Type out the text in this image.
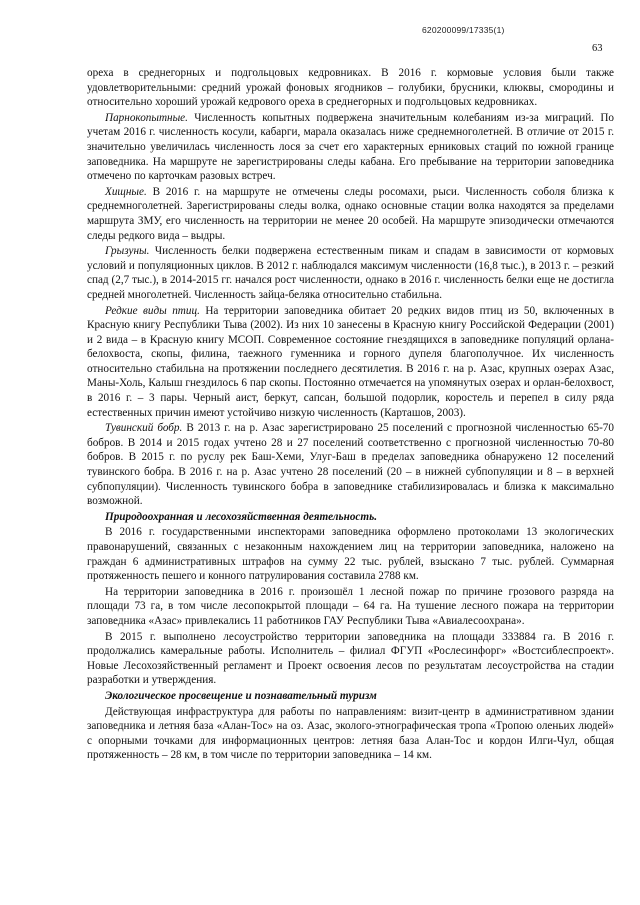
620200099/17335(1)
63

ореха в среднегорных и подгольцовых кедровниках. В 2016 г. кормовые условия были также удовлетворительными: средний урожай фоновых ягодников – голубики, брусники, клюквы, смородины и относительно хороший урожай кедрового ореха в среднегорных и подгольцовых кедровниках.

Парнокопытные. Численность копытных подвержена значительным колебаниям из-за миграций. По учетам 2016 г. численность косули, кабарги, марала оказалась ниже среднемноголетней. В отличие от 2015 г. значительно увеличилась численность лося за счет его характерных ерниковых стаций по южной границе заповедника. На маршруте не зарегистрированы следы кабана. Его пребывание на территории заповедника отмечено по карточкам разовых встреч.

Хищные. В 2016 г. на маршруте не отмечены следы росомахи, рыси. Численность соболя близка к среднемноголетней. Зарегистрированы следы волка, однако основные стации волка находятся за пределами маршрута ЗМУ, его численность на территории не менее 20 особей. На маршруте эпизодически отмечаются следы редкого вида – выдры.

Грызуны. Численность белки подвержена естественным пикам и спадам в зависимости от кормовых условий и популяционных циклов. В 2012 г. наблюдался максимум численности (16,8 тыс.), в 2013 г. – резкий спад (2,7 тыс.), в 2014-2015 гг. начался рост численности, однако в 2016 г. численность белки еще не достигла средней многолетней. Численность зайца-беляка относительно стабильна.

Редкие виды птиц. На территории заповедника обитает 20 редких видов птиц из 50, включенных в Красную книгу Республики Тыва (2002). Из них 10 занесены в Красную книгу Российской Федерации (2001) и 2 вида – в Красную книгу МСОП. Современное состояние гнездящихся в заповеднике популяций орлана-белохвоста, скопы, филина, таежного гуменника и горного дупеля благополучное. Их численность относительно стабильна на протяжении последнего десятилетия. В 2016 г. на р. Азас, крупных озерах Азас, Маны-Холь, Калыш гнездилось 6 пар скопы. Постоянно отмечается на упомянутых озерах и орлан-белохвост, в 2016 г. – 3 пары. Черный аист, беркут, сапсан, большой подорлик, коростель и перепел в силу ряда естественных причин имеют устойчиво низкую численность (Карташов, 2003).

Тувинский бобр. В 2013 г. на р. Азас зарегистрировано 25 поселений с прогнозной численностью 65-70 бобров. В 2014 и 2015 годах учтено 28 и 27 поселений соответственно с прогнозной численностью 70-80 бобров. В 2015 г. по руслу рек Баш-Хеми, Улуг-Баш в пределах заповедника обнаружено 12 поселений тувинского бобра. В 2016 г. на р. Азас учтено 28 поселений (20 – в нижней субпопуляции и 8 – в верхней субпопуляции). Численность тувинского бобра в заповеднике стабилизировалась и близка к максимально возможной.

Природоохранная и лесохозяйственная деятельность.

В 2016 г. государственными инспекторами заповедника оформлено протоколами 13 экологических правонарушений, связанных с незаконным нахождением лиц на территории заповедника, наложено на граждан 6 административных штрафов на сумму 22 тыс. рублей, взыскано 7 тыс. рублей. Суммарная протяженность пешего и конного патрулирования составила 2788 км.

На территории заповедника в 2016 г. произошёл 1 лесной пожар по причине грозового разряда на площади 73 га, в том числе лесопокрытой площади – 64 га. На тушение лесного пожара на территории заповедника «Азас» привлекались 11 работников ГАУ Республики Тыва «Авиалесоохрана».

В 2015 г. выполнено лесоустройство территории заповедника на площади 333884 га. В 2016 г. продолжались камеральные работы. Исполнитель – филиал ФГУП «Рослесинфорг» «Востсиблеспроект». Новые Лесохозяйственный регламент и Проект освоения лесов по результатам лесоустройства на стадии разработки и утверждения.

Экологическое просвещение и познавательный туризм

Действующая инфраструктура для работы по направлениям: визит-центр в административном здании заповедника и летняя база «Алан-Тос» на оз. Азас, эколого-этнографическая тропа «Тропою оленьих людей» с опорными точками для информационных центров: летняя база Алан-Тос и кордон Илги-Чул, общая протяженность – 28 км, в том числе по территории заповедника – 14 км.
